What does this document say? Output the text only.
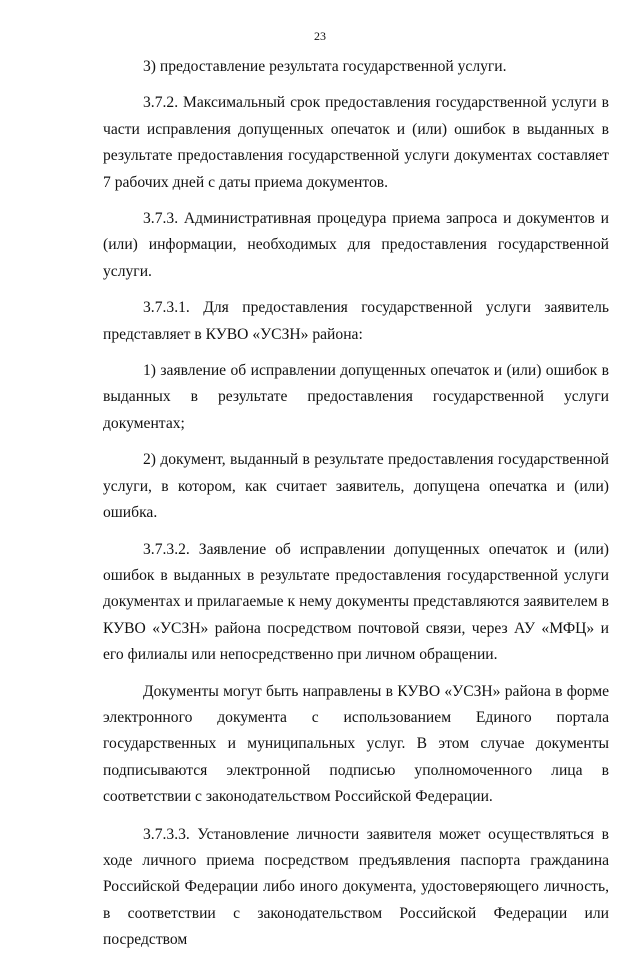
23

3) предоставление результата государственной услуги.

3.7.2. Максимальный срок предоставления государственной услуги в части исправления допущенных опечаток и (или) ошибок в выданных в результате предоставления государственной услуги документах составляет 7 рабочих дней с даты приема документов.

3.7.3. Административная процедура приема запроса и документов и (или) информации, необходимых для предоставления государственной услуги.

3.7.3.1. Для предоставления государственной услуги заявитель представляет в КУВО «УСЗН» района:

1) заявление об исправлении допущенных опечаток и (или) ошибок в выданных в результате предоставления государственной услуги документах;

2) документ, выданный в результате предоставления государственной услуги, в котором, как считает заявитель, допущена опечатка и (или) ошибка.

3.7.3.2. Заявление об исправлении допущенных опечаток и (или) ошибок в выданных в результате предоставления государственной услуги документах и прилагаемые к нему документы представляются заявителем в КУВО «УСЗН» района посредством почтовой связи, через АУ «МФЦ» и его филиалы или непосредственно при личном обращении.

Документы могут быть направлены в КУВО «УСЗН» района в форме электронного документа с использованием Единого портала государственных и муниципальных услуг. В этом случае документы подписываются электронной подписью уполномоченного лица в соответствии с законодательством Российской Федерации.

3.7.3.3. Установление личности заявителя может осуществляться в ходе личного приема посредством предъявления паспорта гражданина Российской Федерации либо иного документа, удостоверяющего личность, в соответствии с законодательством Российской Федерации или посредством
